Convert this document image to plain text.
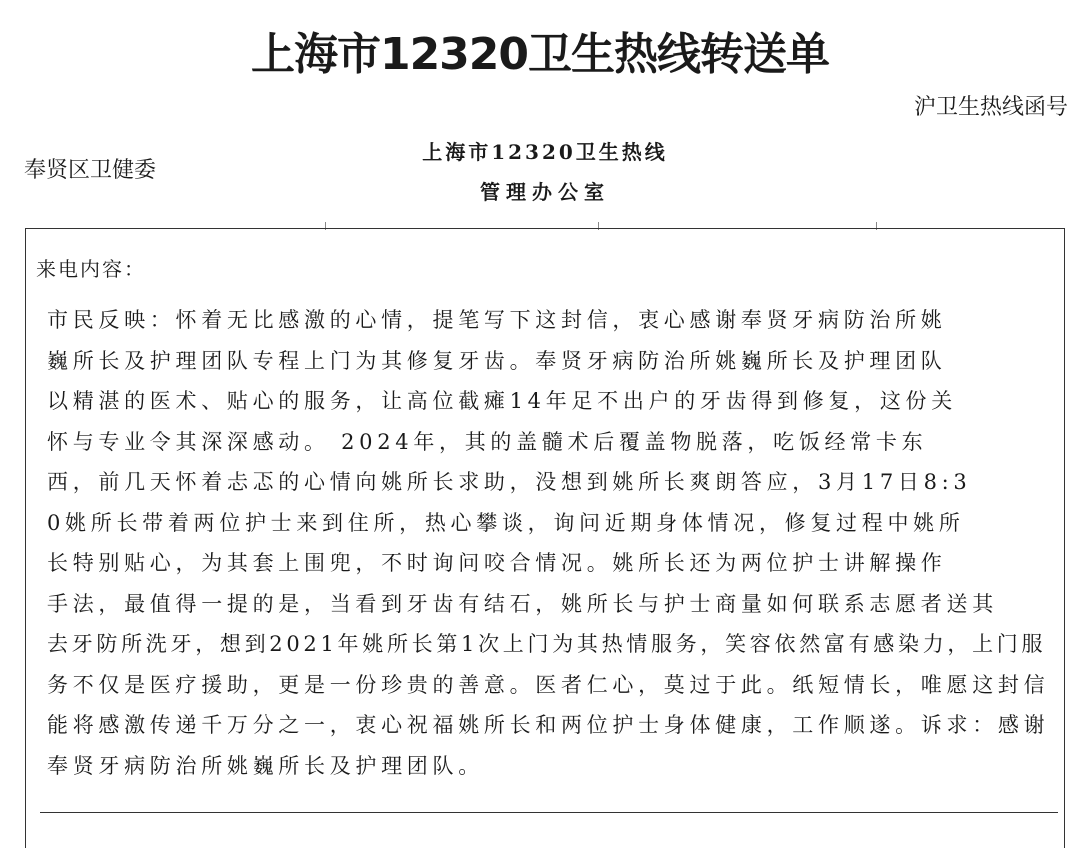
上海市12320卫生热线转送单
沪卫生热线函号
奉贤区卫健委
上海市12320卫生热线
管理办公室
来电内容：
市民反映：怀着无比感激的心情，提笔写下这封信，衷心感谢奉贤牙病防治所姚
巍所长及护理团队专程上门为其修复牙齿。奉贤牙病防治所姚巍所长及护理团队
以精湛的医术、贴心的服务，让高位截瘫14年足不出户的牙齿得到修复，这份关
怀与专业令其深深感动。 2024年，其的盖髓术后覆盖物脱落，吃饭经常卡东
西，前几天怀着忐忑的心情向姚所长求助，没想到姚所长爽朗答应，3月17日8:3
0姚所长带着两位护士来到住所，热心攀谈，询问近期身体情况，修复过程中姚所
长特别贴心，为其套上围兜，不时询问咬合情况。姚所长还为两位护士讲解操作
手法，最值得一提的是，当看到牙齿有结石，姚所长与护士商量如何联系志愿者送其
去牙防所洗牙，想到2021年姚所长第1次上门为其热情服务，笑容依然富有感染力，上门服
务不仅是医疗援助，更是一份珍贵的善意。医者仁心，莫过于此。纸短情长，唯愿这封信
能将感激传递千万分之一，衷心祝福姚所长和两位护士身体健康，工作顺遂。诉求：感谢
奉贤牙病防治所姚巍所长及护理团队。
